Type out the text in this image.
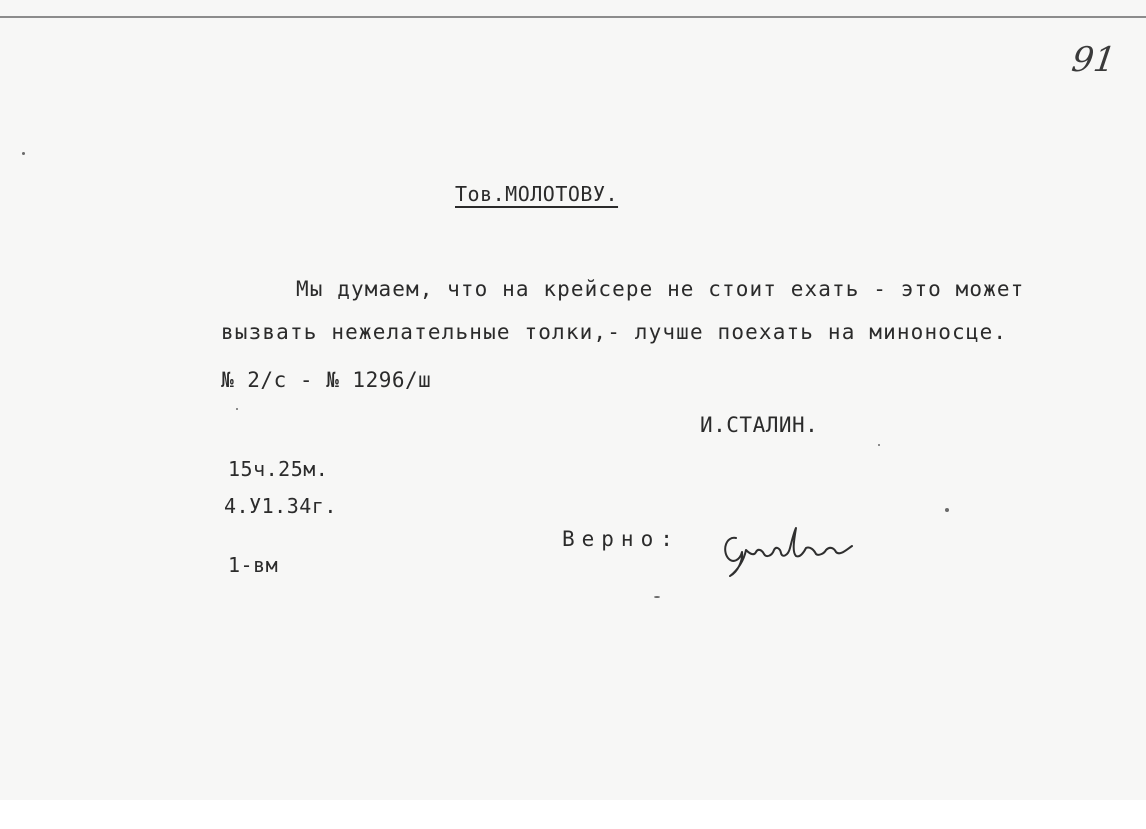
91
Тов.МОЛОТОВУ.
Мы думаем, что на крейсере не стоит ехать - это может
вызвать нежелательные толки,- лучше поехать на миноносце.
№ 2/с - № 1296/ш
И.СТАЛИН.
15ч.25м.
4.У1.34г.
1-вм
Верно:
